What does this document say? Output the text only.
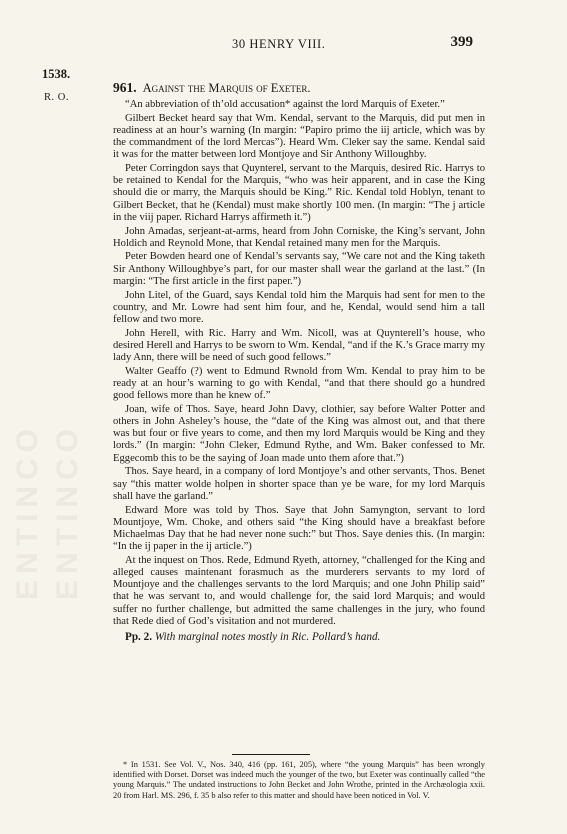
ENTINCO ENTINCO
30 HENRY VIII.	399
1538.
R. O.

961. Against the Marquis of Exeter.

“An abbreviation of th’old accusation* against the lord Marquis of Exeter.”

Gilbert Becket heard say that Wm. Kendal, servant to the Marquis, did put men in readiness at an hour’s warning (In margin: “Papiro primo the iij article, which was by the commandment of the lord Mercas”). Heard Wm. Cleker say the same. Kendal said it was for the matter between lord Montjoye and Sir Anthony Willoughby.

Peter Corringdon says that Quynterel, servant to the Marquis, desired Ric. Harrys to be retained to Kendal for the Marquis, “who was heir apparent, and in case the King should die or marry, the Marquis should be King.” Ric. Kendal told Hoblyn, tenant to Gilbert Becket, that he (Kendal) must make shortly 100 men. (In margin: “The j article in the viij paper. Richard Harrys affirmeth it.”)

John Amadas, serjeant-at-arms, heard from John Corniske, the King’s servant, John Holdich and Reynold Mone, that Kendal retained many men for the Marquis.

Peter Bowden heard one of Kendal’s servants say, “We care not and the King taketh Sir Anthony Willoughbye’s part, for our master shall wear the garland at the last.” (In margin: “The first article in the first paper.”)

John Litel, of the Guard, says Kendal told him the Marquis had sent for men to the country, and Mr. Lowre had sent him four, and he, Kendal, would send him a tall fellow and two more.

John Herell, with Ric. Harry and Wm. Nicoll, was at Quynterell’s house, who desired Herell and Harrys to be sworn to Wm. Kendal, “and if the K.’s Grace marry my lady Ann, there will be need of such good fellows.”

Walter Geaffo (?) went to Edmund Rwnold from Wm. Kendal to pray him to be ready at an hour’s warning to go with Kendal, “and that there should go a hundred good fellows more than he knew of.”

Joan, wife of Thos. Saye, heard John Davy, clothier, say before Walter Potter and others in John Asheley’s house, the “date of the King was almost out, and that there was but four or five years to come, and then my lord Marquis would be King and they lords.” (In margin: “John Cleker, Edmund Rythe, and Wm. Baker confessed to Mr. Eggecomb this to be the saying of Joan made unto them afore that.”)

Thos. Saye heard, in a company of lord Montjoye’s and other servants, Thos. Benet say “this matter wolde holpen in shorter space than ye be ware, for my lord Marquis shall have the garland.”

Edward More was told by Thos. Saye that John Samyngton, servant to lord Mountjoye, Wm. Choke, and others said “the King should have a breakfast before Michaelmas Day that he had never none such:” but Thos. Saye denies this. (In margin: “In the ij paper in the ij article.”)

At the inquest on Thos. Rede, Edmund Ryeth, attorney, “challenged for the King and alleged causes maintenant forasmuch as the murderers servants to my lord of Mountjoye and the challenges servants to the lord Marquis; and one John Philip said” that he was servant to, and would challenge for, the said lord Marquis; and would suffer no further challenge, but admitted the same challenges in the jury, who found that Rede died of God’s visitation and not murdered.

Pp. 2. With marginal notes mostly in Ric. Pollard’s hand.

* In 1531. See Vol. V., Nos. 340, 416 (pp. 161, 205), where “the young Marquis” has been wrongly identified with Dorset. Dorset was indeed much the younger of the two, but Exeter was continually called “the young Marquis.” The undated instructions to John Becket and John Wrothe, printed in the Archæologia xxii. 20 from Harl. MS. 296, f. 35 b also refer to this matter and should have been noticed in Vol. V.
